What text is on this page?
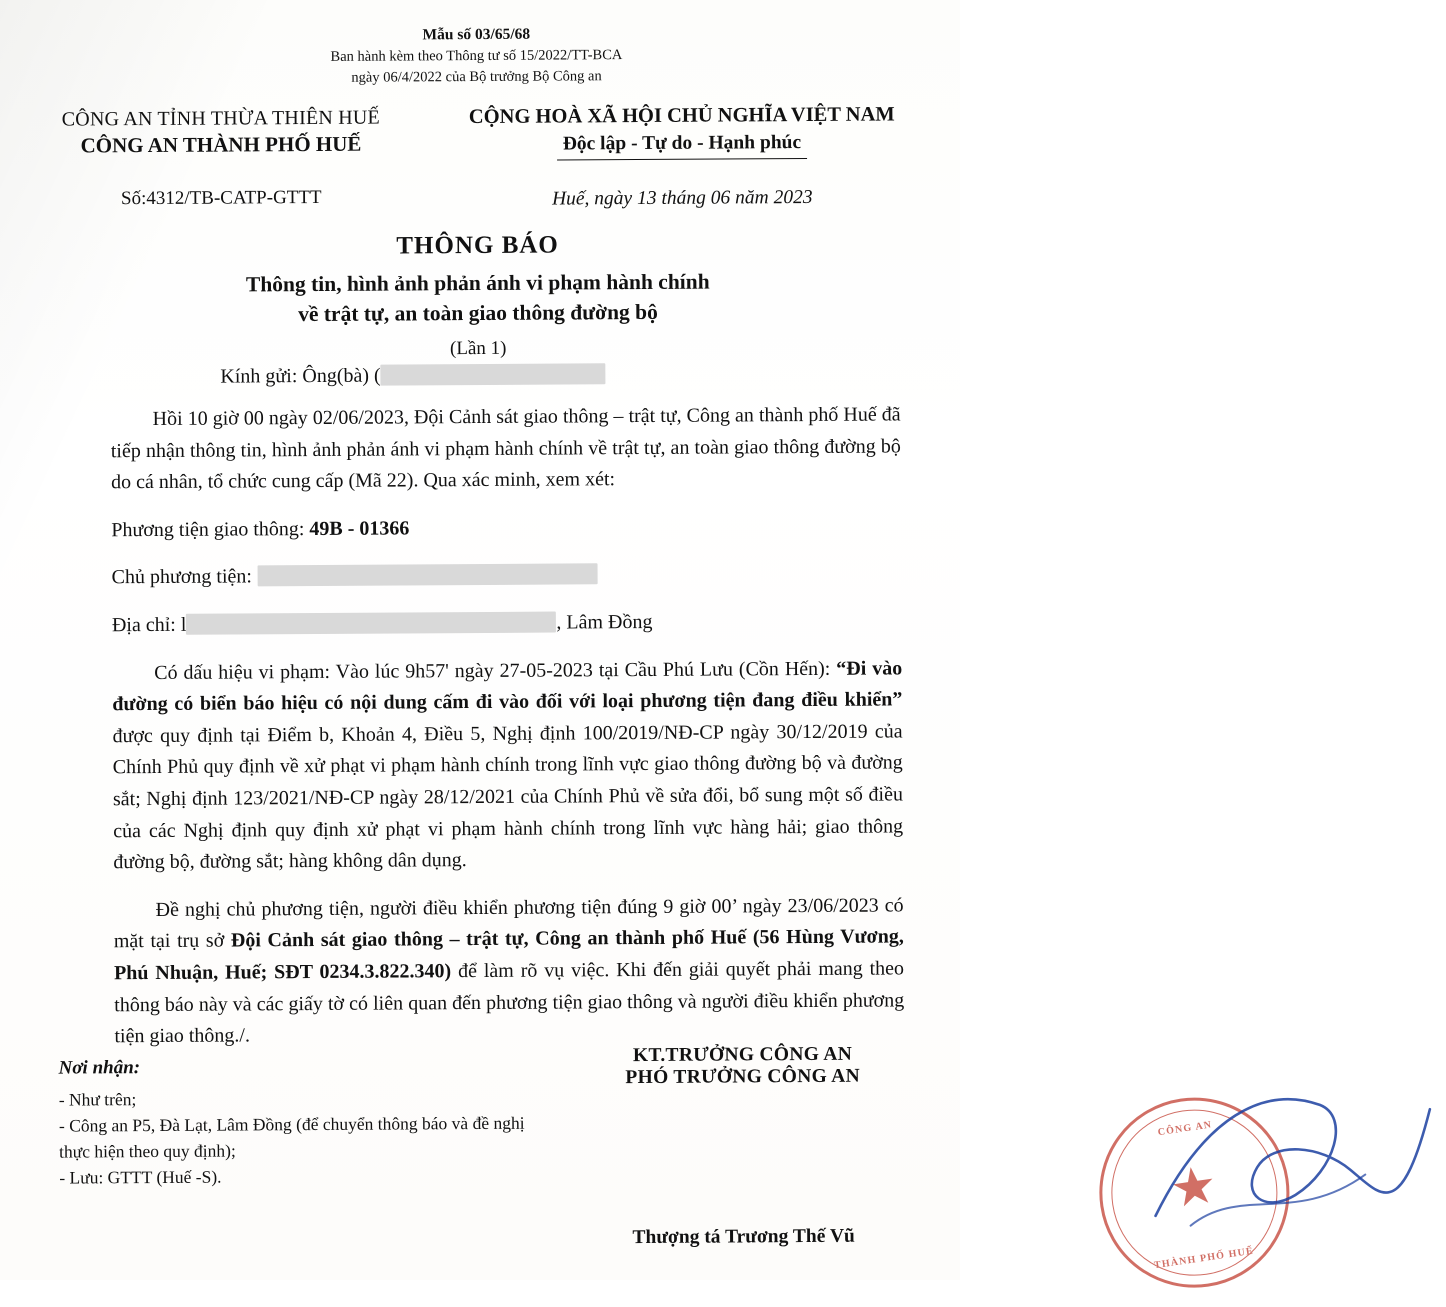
Mẫu số 03/65/68
Ban hành kèm theo Thông tư số 15/2022/TT-BCA
ngày 06/4/2022 của Bộ trưởng Bộ Công an
CÔNG AN TỈNH THỪA THIÊN HUẾ
CÔNG AN THÀNH PHỐ HUẾ
Số:4312/TB-CATP-GTTT
CỘNG HOÀ XÃ HỘI CHỦ NGHĨA VIỆT NAM
Độc lập - Tự do - Hạnh phúc
Huế, ngày 13 tháng 06 năm 2023
THÔNG BÁO
Thông tin, hình ảnh phản ánh vi phạm hành chính
về trật tự, an toàn giao thông đường bộ
(Lần 1)
Kính gửi: Ông(bà) (

Hồi 10 giờ 00 ngày 02/06/2023, Đội Cảnh sát giao thông – trật tự, Công an thành phố Huế đã tiếp nhận thông tin, hình ảnh phản ánh vi phạm hành chính về trật tự, an toàn giao thông đường bộ do cá nhân, tổ chức cung cấp (Mã 22). Qua xác minh, xem xét:

Phương tiện giao thông: 49B - 01366

Chủ phương tiện:

Địa chỉ: l	, Lâm Đồng

Có dấu hiệu vi phạm: Vào lúc 9h57' ngày 27-05-2023 tại Cầu Phú Lưu (Cồn Hến): “Đi vào đường có biển báo hiệu có nội dung cấm đi vào đối với loại phương tiện đang điều khiển” được quy định tại Điểm b, Khoản 4, Điều 5, Nghị định 100/2019/NĐ-CP ngày 30/12/2019 của Chính Phủ quy định về xử phạt vi phạm hành chính trong lĩnh vực giao thông đường bộ và đường sắt; Nghị định 123/2021/NĐ-CP ngày 28/12/2021 của Chính Phủ về sửa đổi, bổ sung một số điều của các Nghị định quy định xử phạt vi phạm hành chính trong lĩnh vực hàng hải; giao thông đường bộ, đường sắt; hàng không dân dụng.

Đề nghị chủ phương tiện, người điều khiển phương tiện đúng 9 giờ 00’ ngày 23/06/2023 có mặt tại trụ sở Đội Cảnh sát giao thông – trật tự, Công an thành phố Huế (56 Hùng Vương, Phú Nhuận, Huế; SĐT 0234.3.822.340) để làm rõ vụ việc. Khi đến giải quyết phải mang theo thông báo này và các giấy tờ có liên quan đến phương tiện giao thông và người điều khiển phương tiện giao thông./.

Nơi nhận:
- Như trên;
- Công an P5, Đà Lạt, Lâm Đồng (để chuyển thông báo và đề nghị thực hiện theo quy định);
- Lưu: GTTT (Huế -S).
KT.TRƯỞNG CÔNG AN
PHÓ TRƯỞNG CÔNG AN
CÔNG AN
★
THÀNH PHỐ HUẾ
Thượng tá Trương Thế Vũ
